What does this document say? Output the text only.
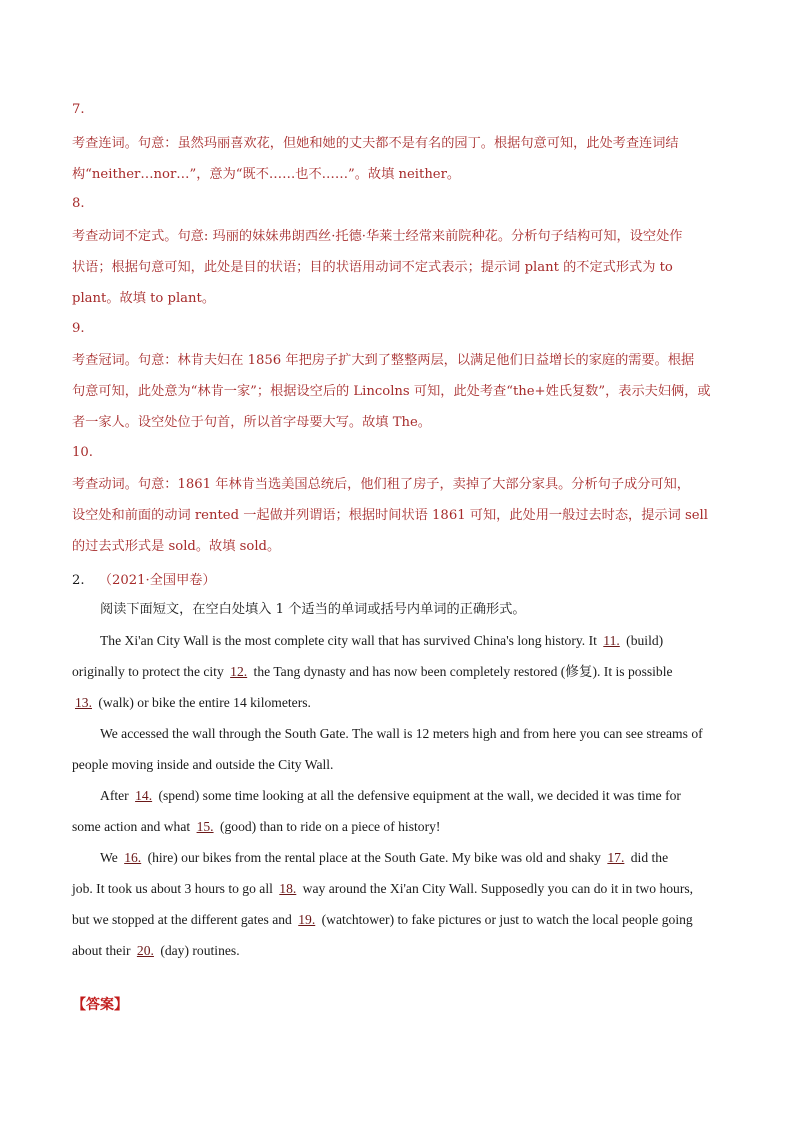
7.
考查连词。句意：虽然玛丽喜欢花，但她和她的丈夫都不是有名的园丁。根据句意可知，此处考查连词结
构“neither…nor…”，意为“既不……也不……”。故填 neither。
8.
考查动词不定式。句意: 玛丽的妹妹弗朗西丝·托德·华莱士经常来前院种花。分析句子结构可知，设空处作
状语；根据句意可知，此处是目的状语；目的状语用动词不定式表示；提示词 plant 的不定式形式为 to
plant。故填 to plant。
9.
考查冠词。句意：林肯夫妇在 1856 年把房子扩大到了整整两层，以满足他们日益增长的家庭的需要。根据
句意可知，此处意为“林肯一家”；根据设空后的 Lincolns 可知，此处考查“the+姓氏复数”，表示夫妇俩，或
者一家人。设空处位于句首，所以首字母要大写。故填 The。
10.
考查动词。句意：1861 年林肯当选美国总统后，他们租了房子，卖掉了大部分家具。分析句子成分可知，
设空处和前面的动词 rented 一起做并列谓语；根据时间状语 1861 可知，此处用一般过去时态，提示词 sell
的过去式形式是 sold。故填 sold。
2. （2021·全国甲卷）
阅读下面短文，在空白处填入 1 个适当的单词或括号内单词的正确形式。
The Xi'an City Wall is the most complete city wall that has survived China's long history. It 11. (build)
originally to protect the city 12. the Tang dynasty and has now been completely restored (修复). It is possible
13. (walk) or bike the entire 14 kilometers.
We accessed the wall through the South Gate. The wall is 12 meters high and from here you can see streams of
people moving inside and outside the City Wall.
After 14. (spend) some time looking at all the defensive equipment at the wall, we decided it was time for
some action and what 15. (good) than to ride on a piece of history!
We 16. (hire) our bikes from the rental place at the South Gate. My bike was old and shaky 17. did the
job. It took us about 3 hours to go all 18. way around the Xi'an City Wall. Supposedly you can do it in two hours,
but we stopped at the different gates and 19. (watchtower) to fake pictures or just to watch the local people going
about their 20. (day) routines.
【答案】
